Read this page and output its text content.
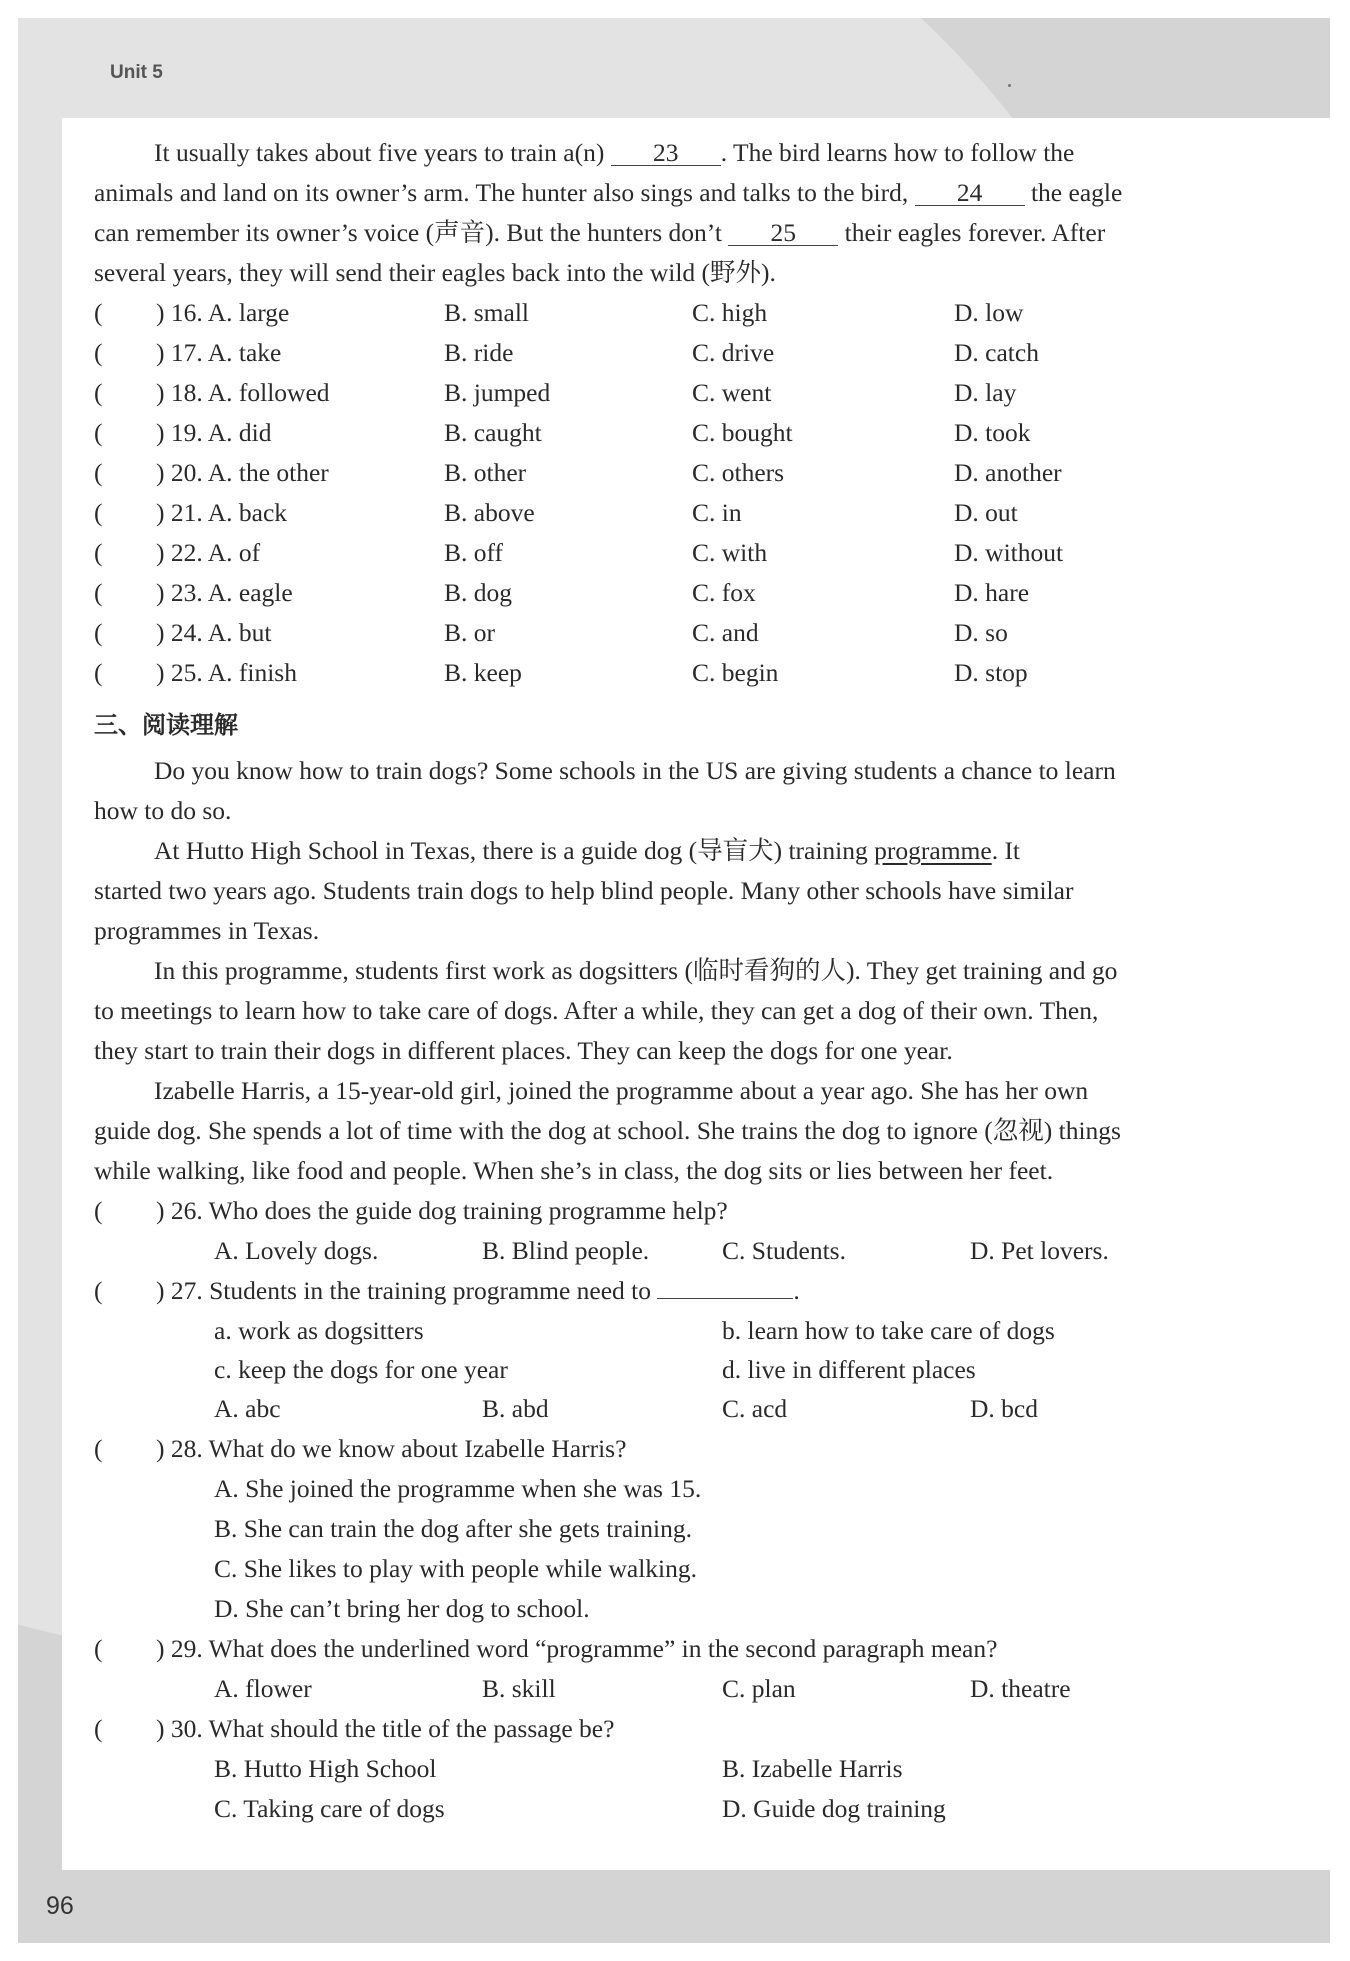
Unit 5
It usually takes about five years to train a(n) 23 . The bird learns how to follow the
animals and land on its owner’s arm. The hunter also sings and talks to the bird, 24 the eagle
can remember its owner’s voice (声音). But the hunters don’t 25 their eagles forever. After
several years, they will send their eagles back into the wild (野外).
( ) 16. A. large	B. small	C. high	D. low
( ) 17. A. take	B. ride	C. drive	D. catch
( ) 18. A. followed	B. jumped	C. went	D. lay
( ) 19. A. did	B. caught	C. bought	D. took
( ) 20. A. the other	B. other	C. others	D. another
( ) 21. A. back	B. above	C. in	D. out
( ) 22. A. of	B. off	C. with	D. without
( ) 23. A. eagle	B. dog	C. fox	D. hare
( ) 24. A. but	B. or	C. and	D. so
( ) 25. A. finish	B. keep	C. begin	D. stop
三、阅读理解
Do you know how to train dogs? Some schools in the US are giving students a chance to learn
how to do so.
At Hutto High School in Texas, there is a guide dog (导盲犬) training programme. It
started two years ago. Students train dogs to help blind people. Many other schools have similar
programmes in Texas.
In this programme, students first work as dogsitters (临时看狗的人). They get training and go
to meetings to learn how to take care of dogs. After a while, they can get a dog of their own. Then,
they start to train their dogs in different places. They can keep the dogs for one year.
Izabelle Harris, a 15-year-old girl, joined the programme about a year ago. She has her own
guide dog. She spends a lot of time with the dog at school. She trains the dog to ignore (忽视) things
while walking, like food and people. When she’s in class, the dog sits or lies between her feet.
( ) 26. Who does the guide dog training programme help?
A. Lovely dogs.	B. Blind people.	C. Students.	D. Pet lovers.
( ) 27. Students in the training programme need to	.
a. work as dogsitters	b. learn how to take care of dogs
c. keep the dogs for one year	d. live in different places
A. abc	B. abd	C. acd	D. bcd
( ) 28. What do we know about Izabelle Harris?
A. She joined the programme when she was 15.
B. She can train the dog after she gets training.
C. She likes to play with people while walking.
D. She can’t bring her dog to school.
( ) 29. What does the underlined word “programme” in the second paragraph mean?
A. flower	B. skill	C. plan	D. theatre
( ) 30. What should the title of the passage be?
B. Hutto High School	B. Izabelle Harris
C. Taking care of dogs	D. Guide dog training
96
